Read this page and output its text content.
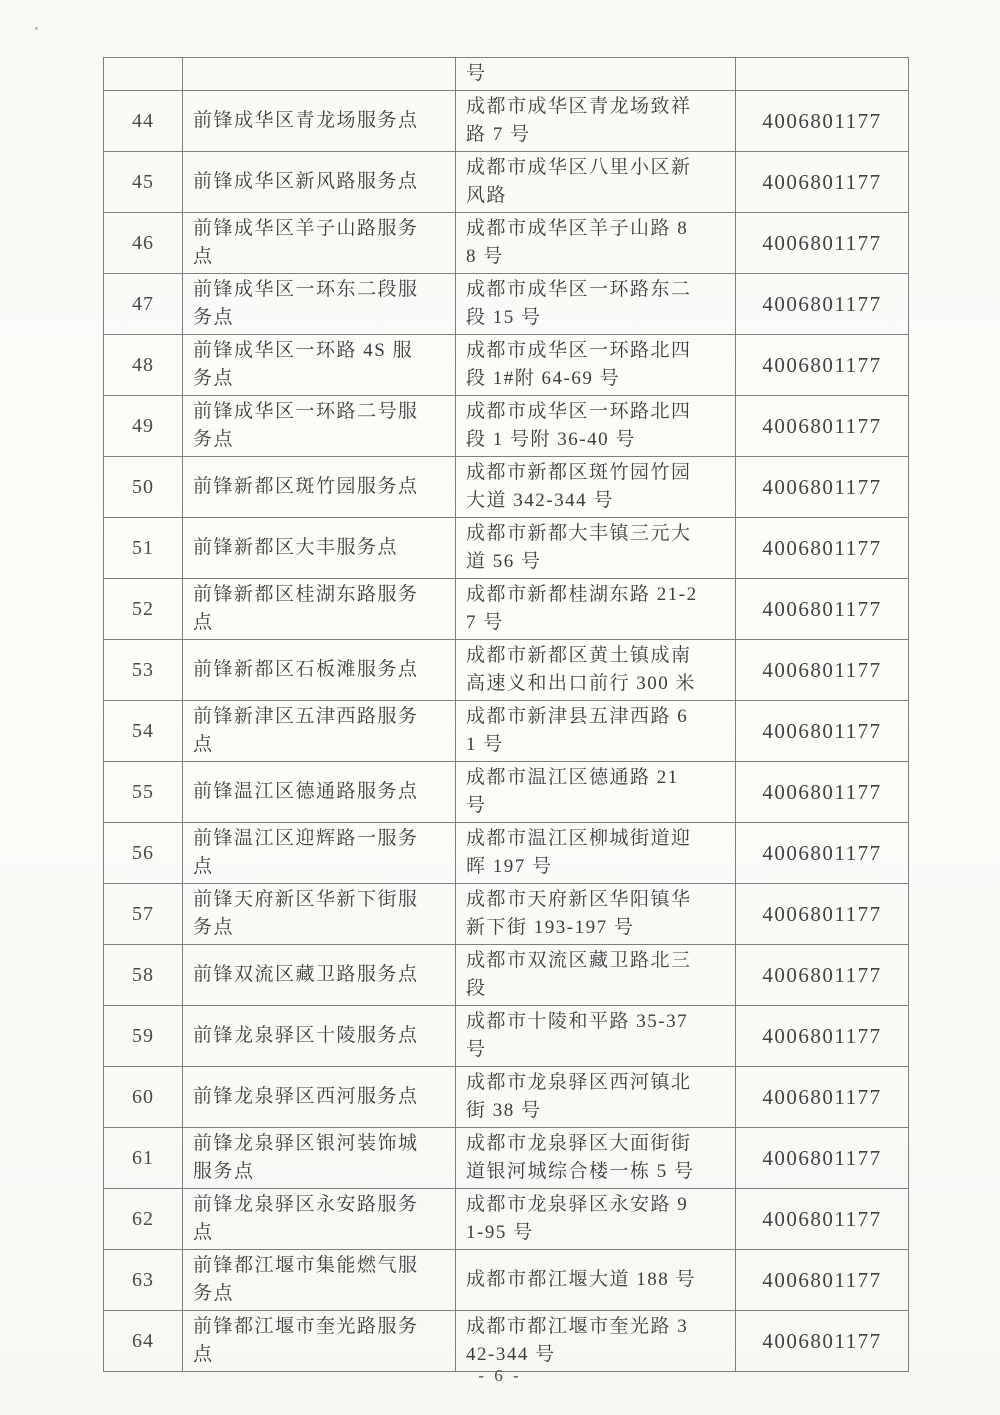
		号	

44	前锋成华区青龙场服务点	成都市成华区青龙场致祥路 7 号	4006801177
45	前锋成华区新风路服务点	成都市成华区八里小区新风路	4006801177
46	前锋成华区羊子山路服务点	成都市成华区羊子山路 88 号	4006801177
47	前锋成华区一环东二段服务点	成都市成华区一环路东二段 15 号	4006801177
48	前锋成华区一环路 4S 服务点	成都市成华区一环路北四段 1#附 64-69 号	4006801177
49	前锋成华区一环路二号服务点	成都市成华区一环路北四段 1 号附 36-40 号	4006801177
50	前锋新都区斑竹园服务点	成都市新都区斑竹园竹园大道 342-344 号	4006801177
51	前锋新都区大丰服务点	成都市新都大丰镇三元大道 56 号	4006801177
52	前锋新都区桂湖东路服务点	成都市新都桂湖东路 21-27 号	4006801177
53	前锋新都区石板滩服务点	成都市新都区黄土镇成南高速义和出口前行 300 米	4006801177
54	前锋新津区五津西路服务点	成都市新津县五津西路 61 号	4006801177
55	前锋温江区德通路服务点	成都市温江区德通路 21 号	4006801177
56	前锋温江区迎辉路一服务点	成都市温江区柳城街道迎晖 197 号	4006801177
57	前锋天府新区华新下街服务点	成都市天府新区华阳镇华新下街 193-197 号	4006801177
58	前锋双流区藏卫路服务点	成都市双流区藏卫路北三段	4006801177
59	前锋龙泉驿区十陵服务点	成都市十陵和平路 35-37 号	4006801177
60	前锋龙泉驿区西河服务点	成都市龙泉驿区西河镇北街 38 号	4006801177
61	前锋龙泉驿区银河装饰城服务点	成都市龙泉驿区大面街街道银河城综合楼一栋 5 号	4006801177
62	前锋龙泉驿区永安路服务点	成都市龙泉驿区永安路 91-95 号	4006801177
63	前锋都江堰市集能燃气服务点	成都市都江堰大道 188 号	4006801177
64	前锋都江堰市奎光路服务点	成都市都江堰市奎光路 342-344 号	4006801177
- 6 -
